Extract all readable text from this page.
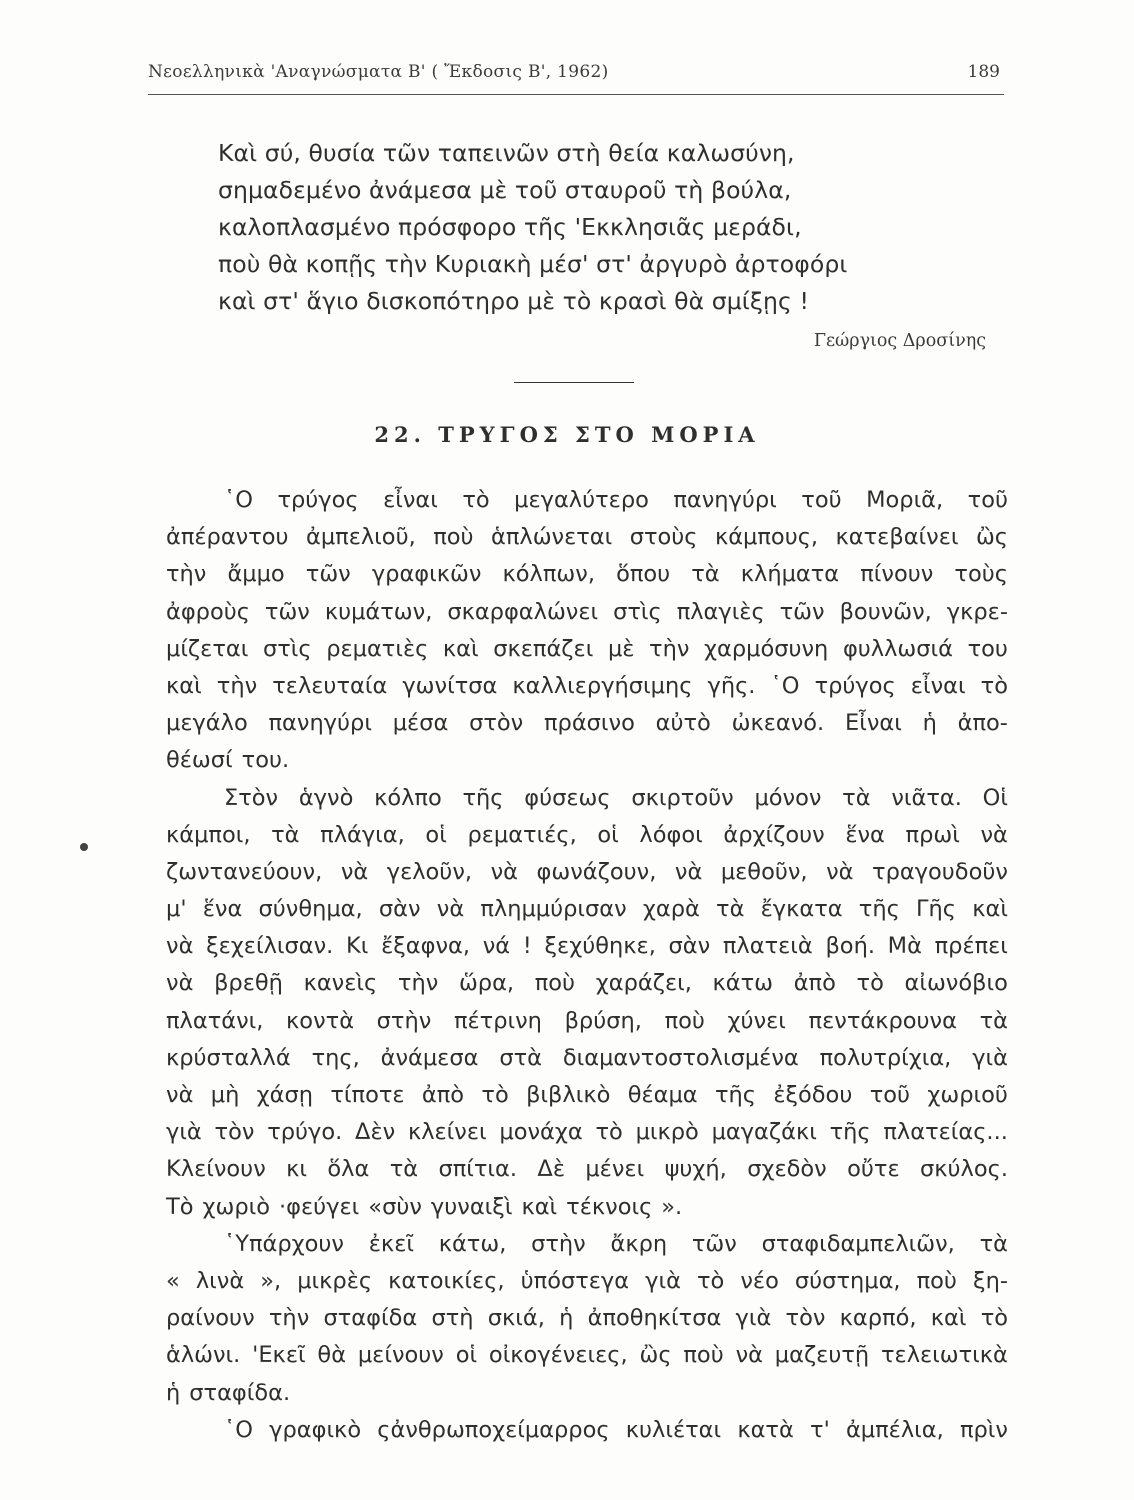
Νεοελληνικὰ 'Αναγνώσματα Β' ( Ἔκδοσις Β', 1962)	189
Καὶ σύ, θυσία τῶν ταπεινῶν στὴ θεία καλωσύνη,
σημαδεμένο ἀνάμεσα μὲ τοῦ σταυροῦ τὴ βούλα,
καλοπλασμένο πρόσφορο τῆς 'Εκκλησιᾶς μεράδι,
ποὺ θὰ κοπῇς τὴν Κυριακὴ μέσ' στ' ἀργυρὸ ἀρτοφόρι
καὶ στ' ἅγιο δισκοπότηρο μὲ τὸ κρασὶ θὰ σμίξῃς !
Γεώργιος Δροσίνης
22. ΤΡΥΓΟΣ ΣΤΟ ΜΟΡΙΑ
῾Ο τρύγος εἶναι τὸ μεγαλύτερο πανηγύρι τοῦ Μοριᾶ, τοῦ
ἀπέραντου ἀμπελιοῦ, ποὺ ἁπλώνεται στοὺς κάμπους, κατεβαίνει ὢς
τὴν ἄμμο τῶν γραφικῶν κόλπων, ὅπου τὰ κλήματα πίνουν τοὺς
ἀφροὺς τῶν κυμάτων, σκαρφαλώνει στὶς πλαγιὲς τῶν βουνῶν, γκρε-
μίζεται στὶς ρεματιὲς καὶ σκεπάζει μὲ τὴν χαρμόσυνη φυλλωσιά του
καὶ τὴν τελευταία γωνίτσα καλλιεργήσιμης γῆς. ῾Ο τρύγος εἶναι τὸ
μεγάλο πανηγύρι μέσα στὸν πράσινο αὐτὸ ὠκεανό. Εἶναι ἡ ἀπο-
θέωσί του.
Στὸν ἁγνὸ κόλπο τῆς φύσεως σκιρτοῦν μόνον τὰ νιᾶτα. Οἱ
κάμποι, τὰ πλάγια, οἱ ρεματιές, οἱ λόφοι ἀρχίζουν ἕνα πρωὶ νὰ
ζωντανεύουν, νὰ γελοῦν, νὰ φωνάζουν, νὰ μεθοῦν, νὰ τραγουδοῦν
μ' ἕνα σύνθημα, σὰν νὰ πλημμύρισαν χαρὰ τὰ ἔγκατα τῆς Γῆς καὶ
νὰ ξεχείλισαν. Κι ἔξαφνα, νά ! ξεχύθηκε, σὰν πλατειὰ βοή. Μὰ πρέπει
νὰ βρεθῇ κανεὶς τὴν ὥρα, ποὺ χαράζει, κάτω ἀπὸ τὸ αἰωνόβιο
πλατάνι, κοντὰ στὴν πέτρινη βρύση, ποὺ χύνει πεντάκρουνα τὰ
κρύσταλλά της, ἀνάμεσα στὰ διαμαντοστολισμένα πολυτρίχια, γιὰ
νὰ μὴ χάσῃ τίποτε ἀπὸ τὸ βιβλικὸ θέαμα τῆς ἐξόδου τοῦ χωριοῦ
γιὰ τὸν τρύγο. Δὲν κλείνει μονάχα τὸ μικρὸ μαγαζάκι τῆς πλατείας...
Κλείνουν κι ὅλα τὰ σπίτια. Δὲ μένει ψυχή, σχεδὸν οὔτε σκύλος.
Τὸ χωριὸ ·φεύγει «σὺν γυναιξὶ καὶ τέκνοις ».
῾Υπάρχουν ἐκεῖ κάτω, στὴν ἄκρη τῶν σταφιδαμπελιῶν, τὰ
« λινὰ », μικρὲς κατοικίες, ὑπόστεγα γιὰ τὸ νέο σύστημα, ποὺ ξη-
ραίνουν τὴν σταφίδα στὴ σκιά, ἡ ἀποθηκίτσα γιὰ τὸν καρπό, καὶ τὸ
ἁλώνι. 'Εκεῖ θὰ μείνουν οἱ οἰκογένειες, ὢς ποὺ νὰ μαζευτῇ τελειωτικὰ
ἡ σταφίδα.
῾Ο γραφικὸ ςἀνθρωποχείμαρρος κυλιέται κατὰ τ' ἀμπέλια, πρὶν
